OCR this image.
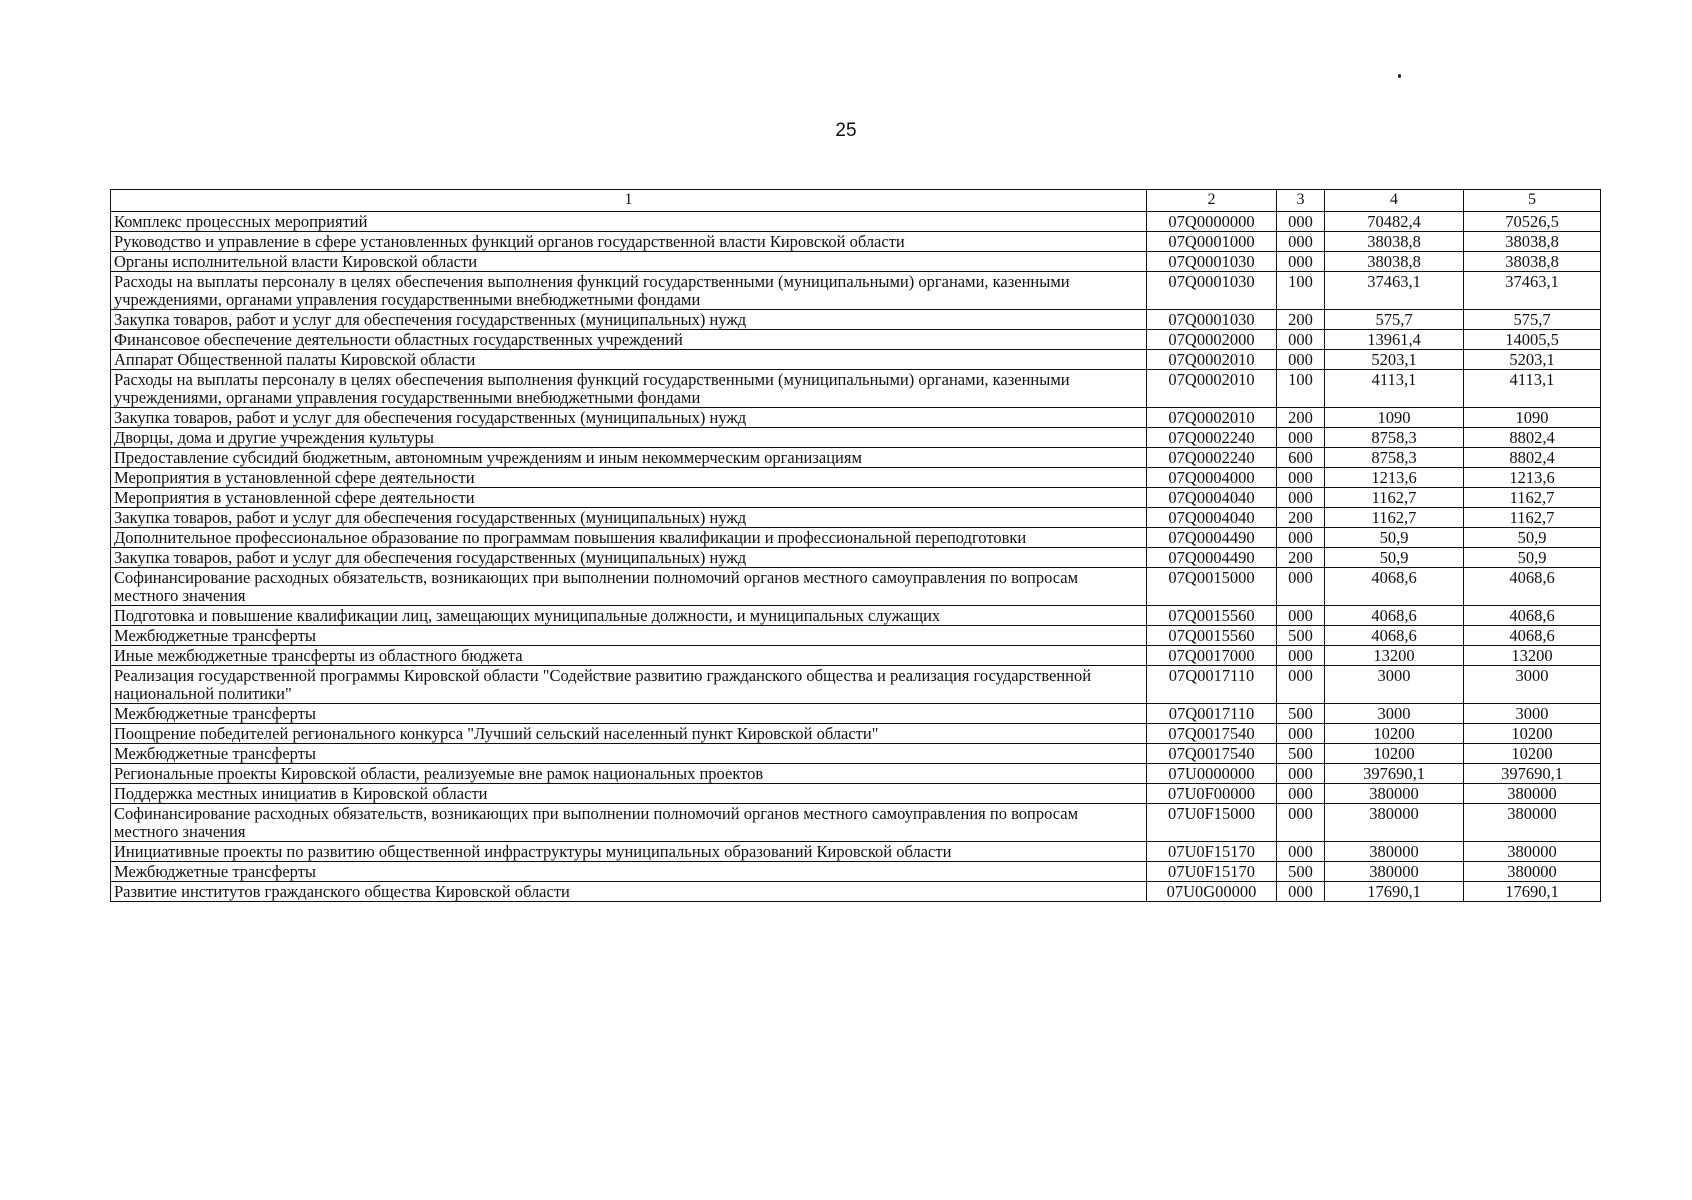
25
1	2	3	4	5
Комплекс процессных мероприятий	07Q0000000	000	70482,4	70526,5
Руководство и управление в сфере установленных функций органов государственной власти Кировской области	07Q0001000	000	38038,8	38038,8
Органы исполнительной власти Кировской области	07Q0001030	000	38038,8	38038,8
Расходы на выплаты персоналу в целях обеспечения выполнения функций государственными (муниципальными) органами, казенными учреждениями, органами управления государственными внебюджетными фондами	07Q0001030	100	37463,1	37463,1
Закупка товаров, работ и услуг для обеспечения государственных (муниципальных) нужд	07Q0001030	200	575,7	575,7
Финансовое обеспечение деятельности областных государственных учреждений	07Q0002000	000	13961,4	14005,5
Аппарат Общественной палаты Кировской области	07Q0002010	000	5203,1	5203,1
Расходы на выплаты персоналу в целях обеспечения выполнения функций государственными (муниципальными) органами, казенными учреждениями, органами управления государственными внебюджетными фондами	07Q0002010	100	4113,1	4113,1
Закупка товаров, работ и услуг для обеспечения государственных (муниципальных) нужд	07Q0002010	200	1090	1090
Дворцы, дома и другие учреждения культуры	07Q0002240	000	8758,3	8802,4
Предоставление субсидий бюджетным, автономным учреждениям и иным некоммерческим организациям	07Q0002240	600	8758,3	8802,4
Мероприятия в установленной сфере деятельности	07Q0004000	000	1213,6	1213,6
Мероприятия в установленной сфере деятельности	07Q0004040	000	1162,7	1162,7
Закупка товаров, работ и услуг для обеспечения государственных (муниципальных) нужд	07Q0004040	200	1162,7	1162,7
Дополнительное профессиональное образование по программам повышения квалификации и профессиональной переподготовки	07Q0004490	000	50,9	50,9
Закупка товаров, работ и услуг для обеспечения государственных (муниципальных) нужд	07Q0004490	200	50,9	50,9
Софинансирование расходных обязательств, возникающих при выполнении полномочий органов местного самоуправления по вопросам местного значения	07Q0015000	000	4068,6	4068,6
Подготовка и повышение квалификации лиц, замещающих муниципальные должности, и муниципальных служащих	07Q0015560	000	4068,6	4068,6
Межбюджетные трансферты	07Q0015560	500	4068,6	4068,6
Иные межбюджетные трансферты из областного бюджета	07Q0017000	000	13200	13200
Реализация государственной программы Кировской области "Содействие развитию гражданского общества и реализация государственной национальной политики"	07Q0017110	000	3000	3000
Межбюджетные трансферты	07Q0017110	500	3000	3000
Поощрение победителей регионального конкурса "Лучший сельский населенный пункт Кировской области"	07Q0017540	000	10200	10200
Межбюджетные трансферты	07Q0017540	500	10200	10200
Региональные проекты Кировской области, реализуемые вне рамок национальных проектов	07U0000000	000	397690,1	397690,1
Поддержка местных инициатив в Кировской области	07U0F00000	000	380000	380000
Софинансирование расходных обязательств, возникающих при выполнении полномочий органов местного самоуправления по вопросам местного значения	07U0F15000	000	380000	380000
Инициативные проекты по развитию общественной инфраструктуры муниципальных образований Кировской области	07U0F15170	000	380000	380000
Межбюджетные трансферты	07U0F15170	500	380000	380000
Развитие институтов гражданского общества Кировской области	07U0G00000	000	17690,1	17690,1
